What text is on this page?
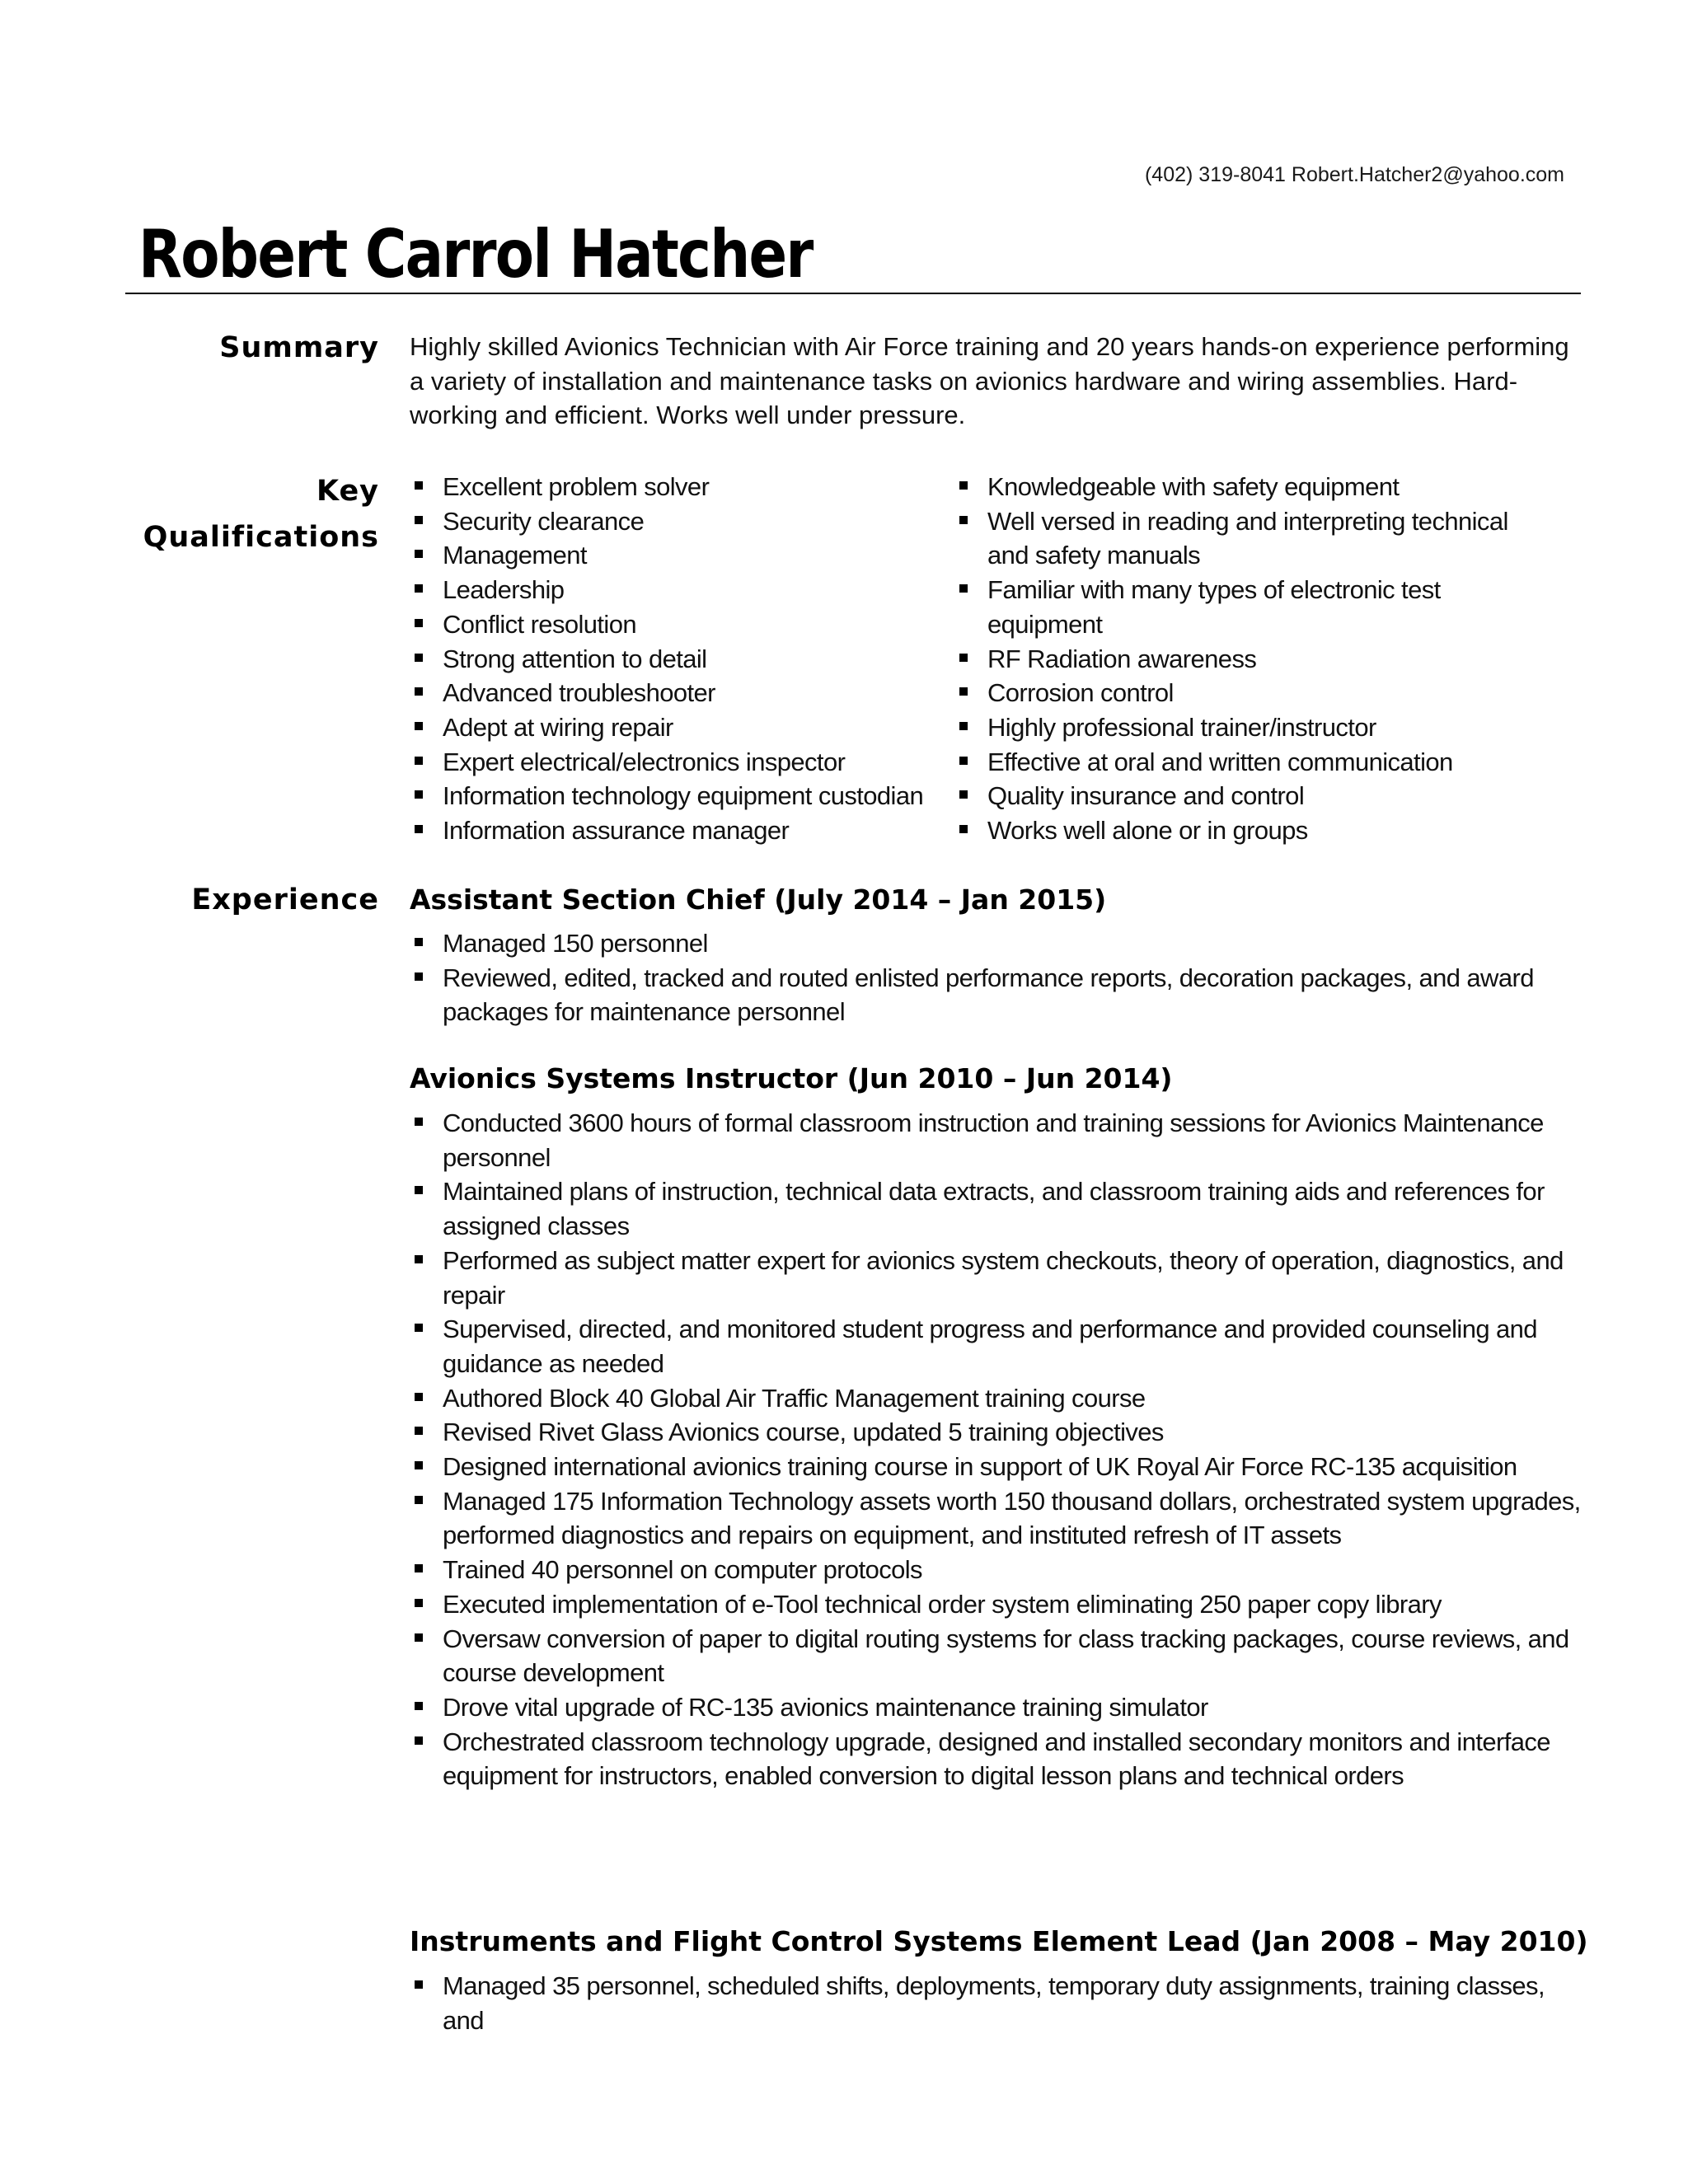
(402) 319-8041 Robert.Hatcher2@yahoo.com
Robert Carrol Hatcher
Summary Highly skilled Avionics Technician with Air Force training and 20 years hands-on experience performing a variety of installation and maintenance tasks on avionics hardware and wiring assemblies. Hard-working and efficient. Works well under pressure.
Key
Qualifications
Excellent problem solver
Security clearance
Management
Leadership
Conflict resolution
Strong attention to detail
Advanced troubleshooter
Adept at wiring repair
Expert electrical/electronics inspector
Information technology equipment custodian
Information assurance manager
Knowledgeable with safety equipment
Well versed in reading and interpreting technical and safety manuals
Familiar with many types of electronic test equipment
RF Radiation awareness
Corrosion control
Highly professional trainer/instructor
Effective at oral and written communication
Quality insurance and control
Works well alone or in groups
Experience Assistant Section Chief (July 2014 – Jan 2015)
Managed 150 personnel
Reviewed, edited, tracked and routed enlisted performance reports, decoration packages, and award packages for maintenance personnel
Avionics Systems Instructor (Jun 2010 – Jun 2014)
Conducted 3600 hours of formal classroom instruction and training sessions for Avionics Maintenance personnel
Maintained plans of instruction, technical data extracts, and classroom training aids and references for assigned classes
Performed as subject matter expert for avionics system checkouts, theory of operation, diagnostics, and repair
Supervised, directed, and monitored student progress and performance and provided counseling and guidance as needed
Authored Block 40 Global Air Traffic Management training course
Revised Rivet Glass Avionics course, updated 5 training objectives
Designed international avionics training course in support of UK Royal Air Force RC-135 acquisition
Managed 175 Information Technology assets worth 150 thousand dollars, orchestrated system upgrades, performed diagnostics and repairs on equipment, and instituted refresh of IT assets
Trained 40 personnel on computer protocols
Executed implementation of e-Tool technical order system eliminating 250 paper copy library
Oversaw conversion of paper to digital routing systems for class tracking packages, course reviews, and course development
Drove vital upgrade of RC-135 avionics maintenance training simulator
Orchestrated classroom technology upgrade, designed and installed secondary monitors and interface equipment for instructors, enabled conversion to digital lesson plans and technical orders
Instruments and Flight Control Systems Element Lead (Jan 2008 – May 2010)
Managed 35 personnel, scheduled shifts, deployments, temporary duty assignments, training classes, and
